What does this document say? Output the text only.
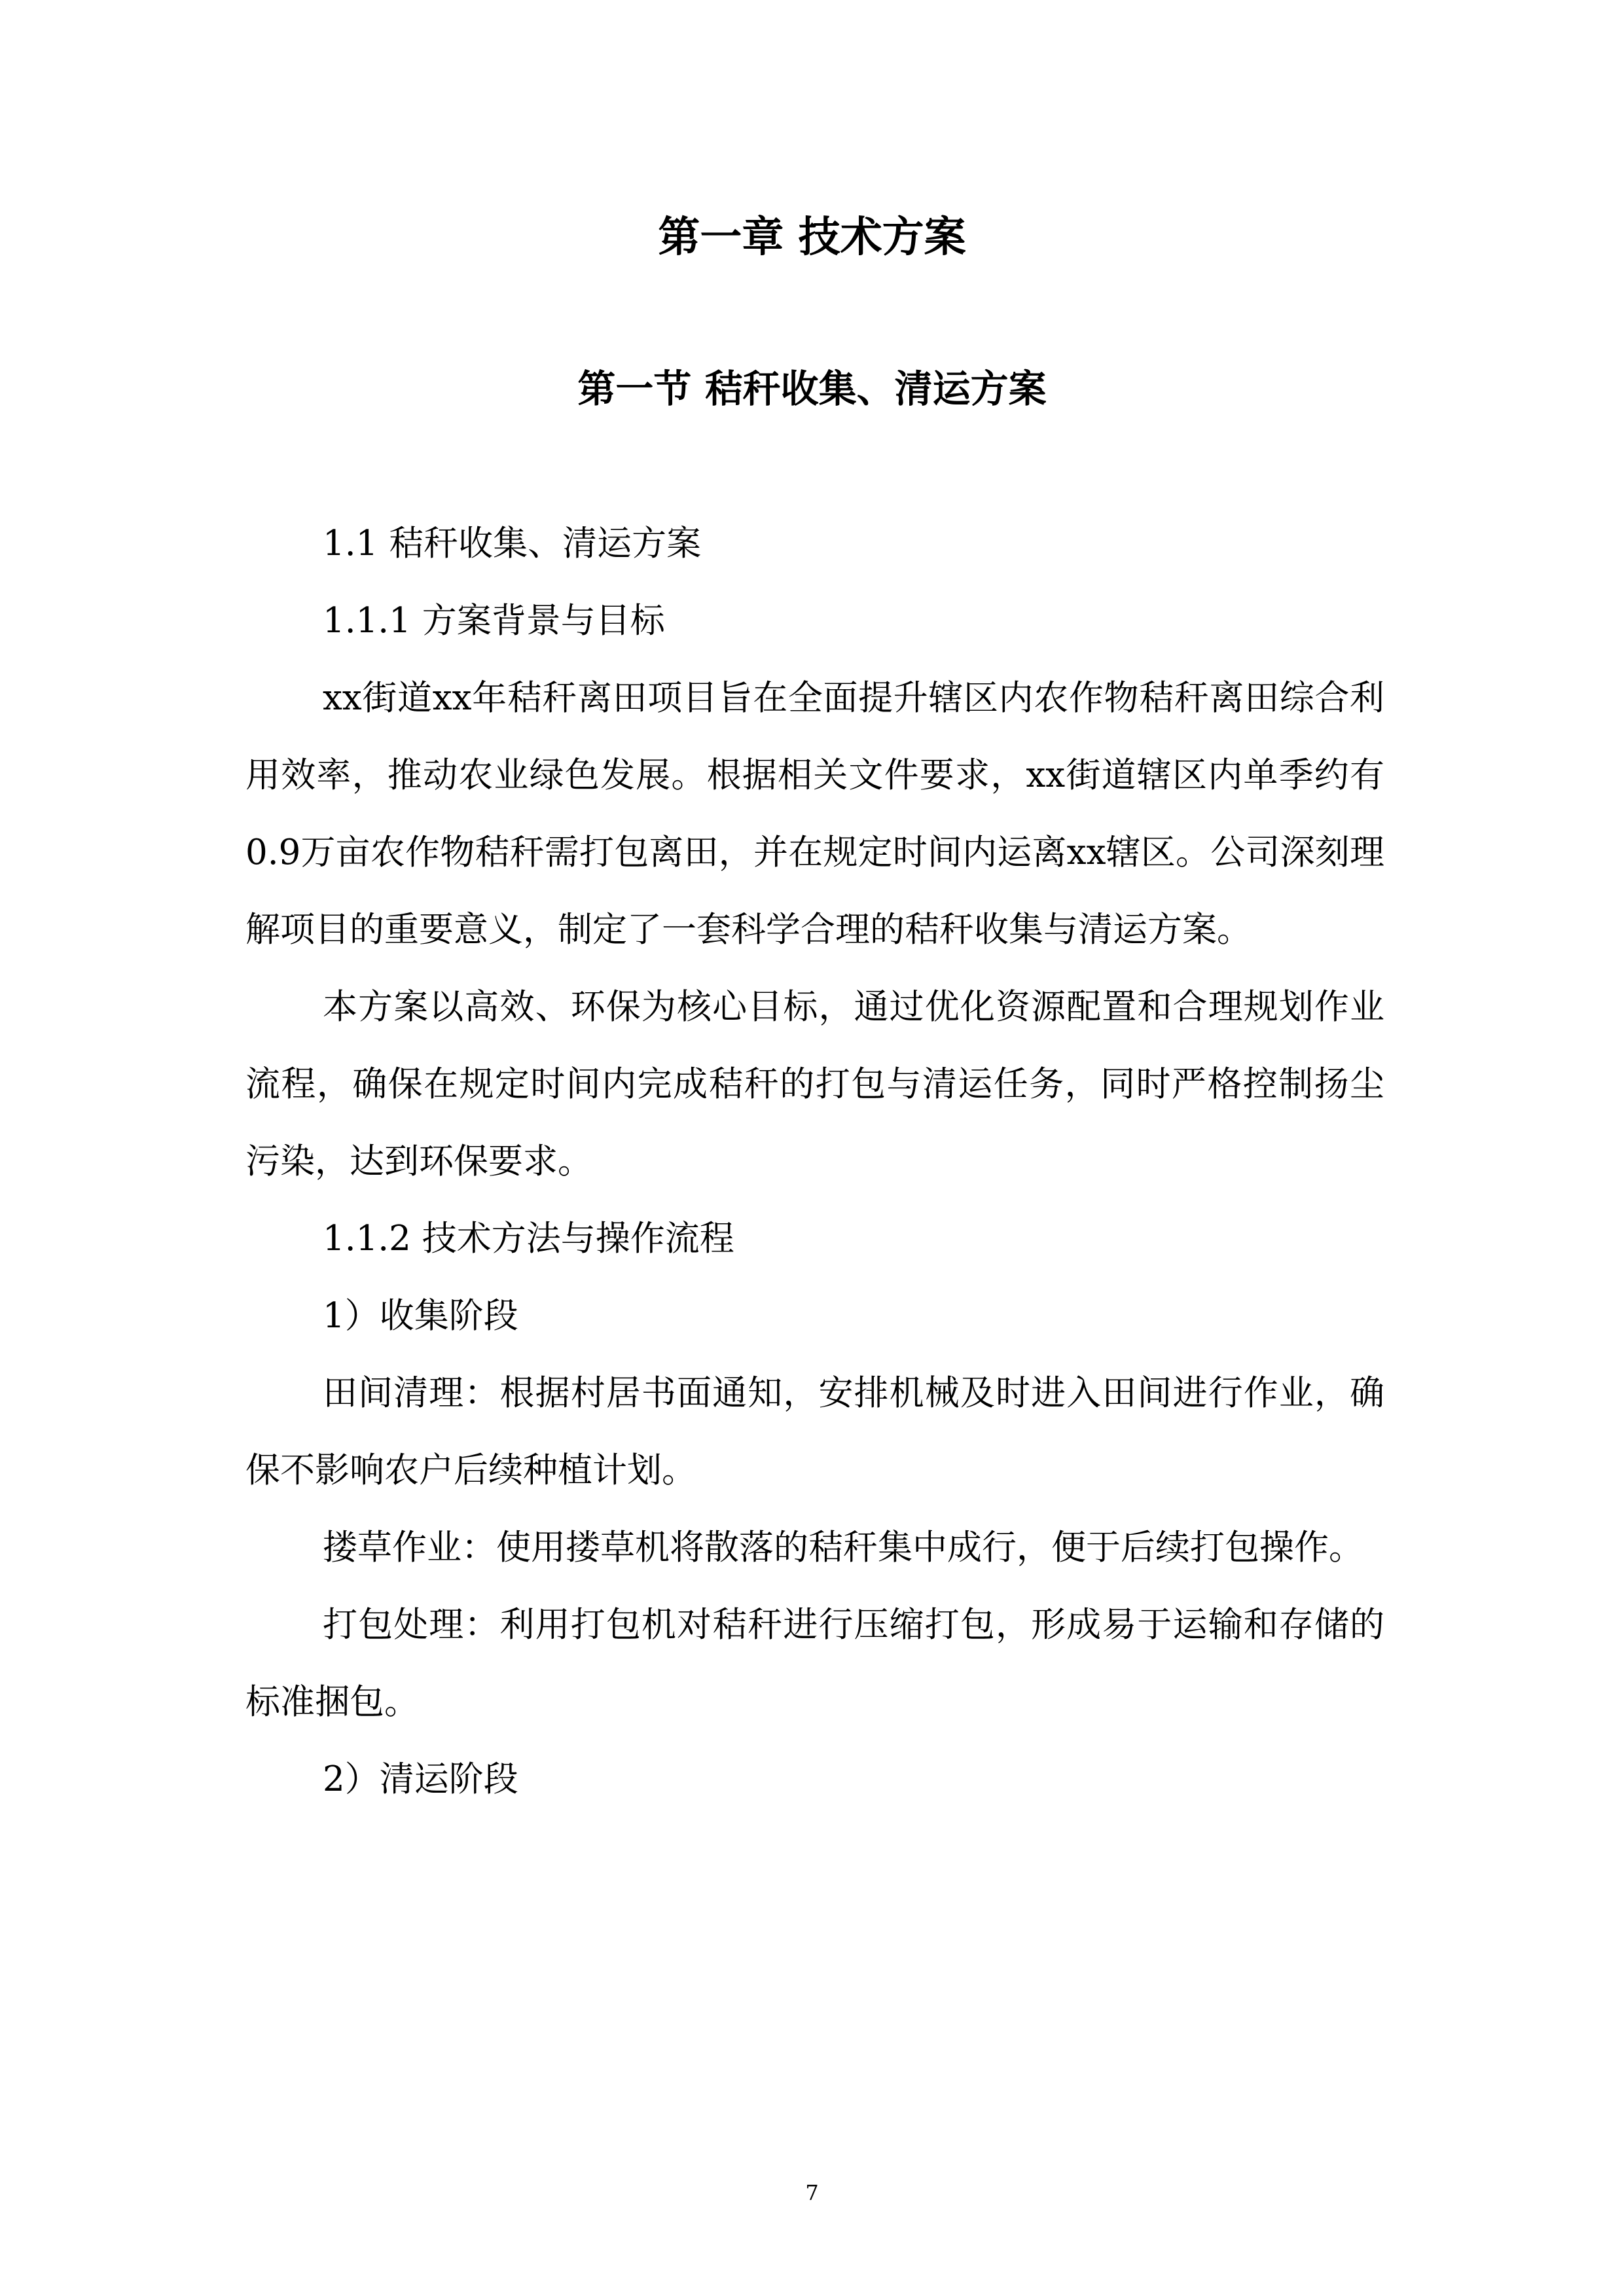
第一章 技术方案
第一节 秸秆收集、清运方案

1.1 秸秆收集、清运方案

1.1.1 方案背景与目标

xx街道xx年秸秆离田项目旨在全面提升辖区内农作物秸秆离田综合利用效率，推动农业绿色发展。根据相关文件要求，xx街道辖区内单季约有0.9万亩农作物秸秆需打包离田，并在规定时间内运离xx辖区。公司深刻理解项目的重要意义，制定了一套科学合理的秸秆收集与清运方案。

本方案以高效、环保为核心目标，通过优化资源配置和合理规划作业流程，确保在规定时间内完成秸秆的打包与清运任务，同时严格控制扬尘污染，达到环保要求。

1.1.2 技术方法与操作流程

1）收集阶段

田间清理：根据村居书面通知，安排机械及时进入田间进行作业，确保不影响农户后续种植计划。

搂草作业：使用搂草机将散落的秸秆集中成行，便于后续打包操作。

打包处理：利用打包机对秸秆进行压缩打包，形成易于运输和存储的标准捆包。

2）清运阶段

7
